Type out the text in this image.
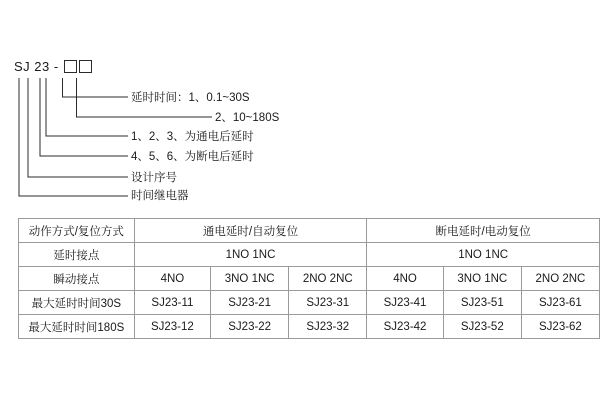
SJ 23 -
延时时间：1、0.1~30S
2、10~180S
1、2、3、为通电后延时
4、5、6、为断电后延时
设计序号
时间继电器
动作方式/复位方式	通电延时/自动复位			断电延时/电动复位		
延时接点	1NO 1NC			1NO 1NC		
瞬动接点	4NO	3NO 1NC	2NO 2NC	4NO	3NO 1NC	2NO 2NC
最大延时时间30S	SJ23-11	SJ23-21	SJ23-31	SJ23-41	SJ23-51	SJ23-61
最大延时时间180S	SJ23-12	SJ23-22	SJ23-32	SJ23-42	SJ23-52	SJ23-62
